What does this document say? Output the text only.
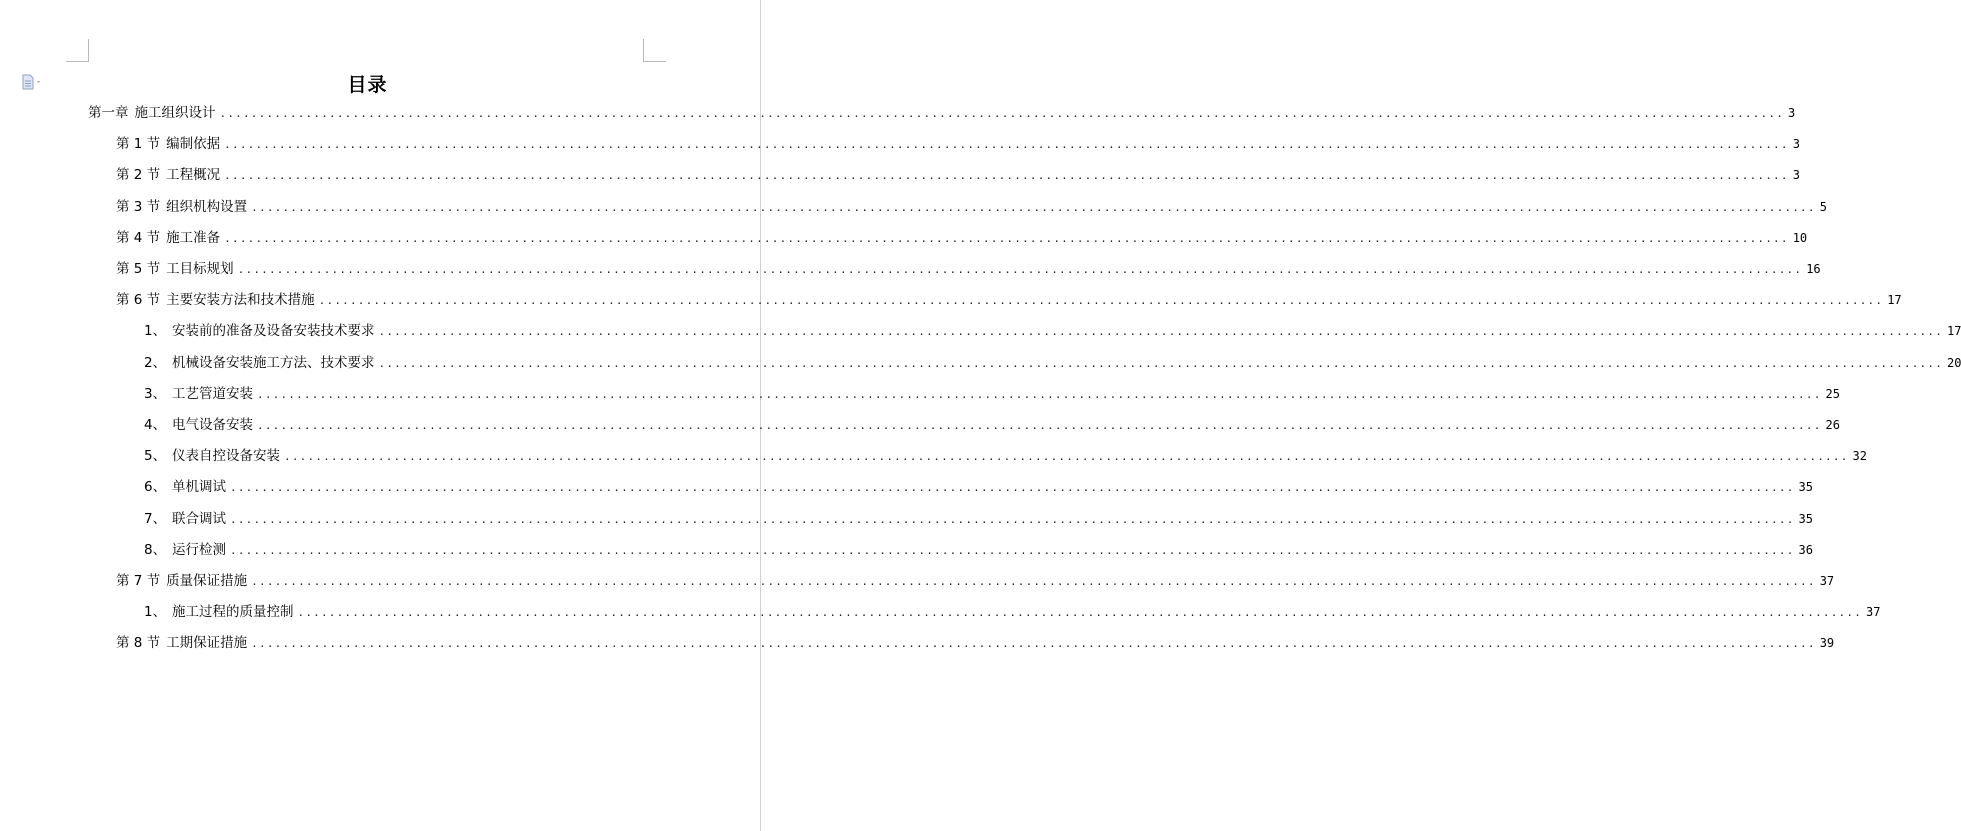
目录
第一章 施工组织设计 ........................................................................................................................................................................................................ 3
第 1 节 编制依据 ........................................................................................................................................................................................................ 3
第 2 节 工程概况 ........................................................................................................................................................................................................ 3
第 3 节 组织机构设置 ........................................................................................................................................................................................................ 5
第 4 节 施工准备 ........................................................................................................................................................................................................ 10
第 5 节 工目标规划 ........................................................................................................................................................................................................ 16
第 6 节 主要安装方法和技术措施 ........................................................................................................................................................................................................ 17
1、 安装前的准备及设备安装技术要求 ........................................................................................................................................................................................................ 17
2、 机械设备安装施工方法、技术要求 ........................................................................................................................................................................................................ 20
3、 工艺管道安装 ........................................................................................................................................................................................................ 25
4、 电气设备安装 ........................................................................................................................................................................................................ 26
5、 仪表自控设备安装 ........................................................................................................................................................................................................ 32
6、 单机调试 ........................................................................................................................................................................................................ 35
7、 联合调试 ........................................................................................................................................................................................................ 35
8、 运行检测 ........................................................................................................................................................................................................ 36
第 7 节 质量保证措施 ........................................................................................................................................................................................................ 37
1、 施工过程的质量控制 ........................................................................................................................................................................................................ 37
第 8 节 工期保证措施 ........................................................................................................................................................................................................ 39
